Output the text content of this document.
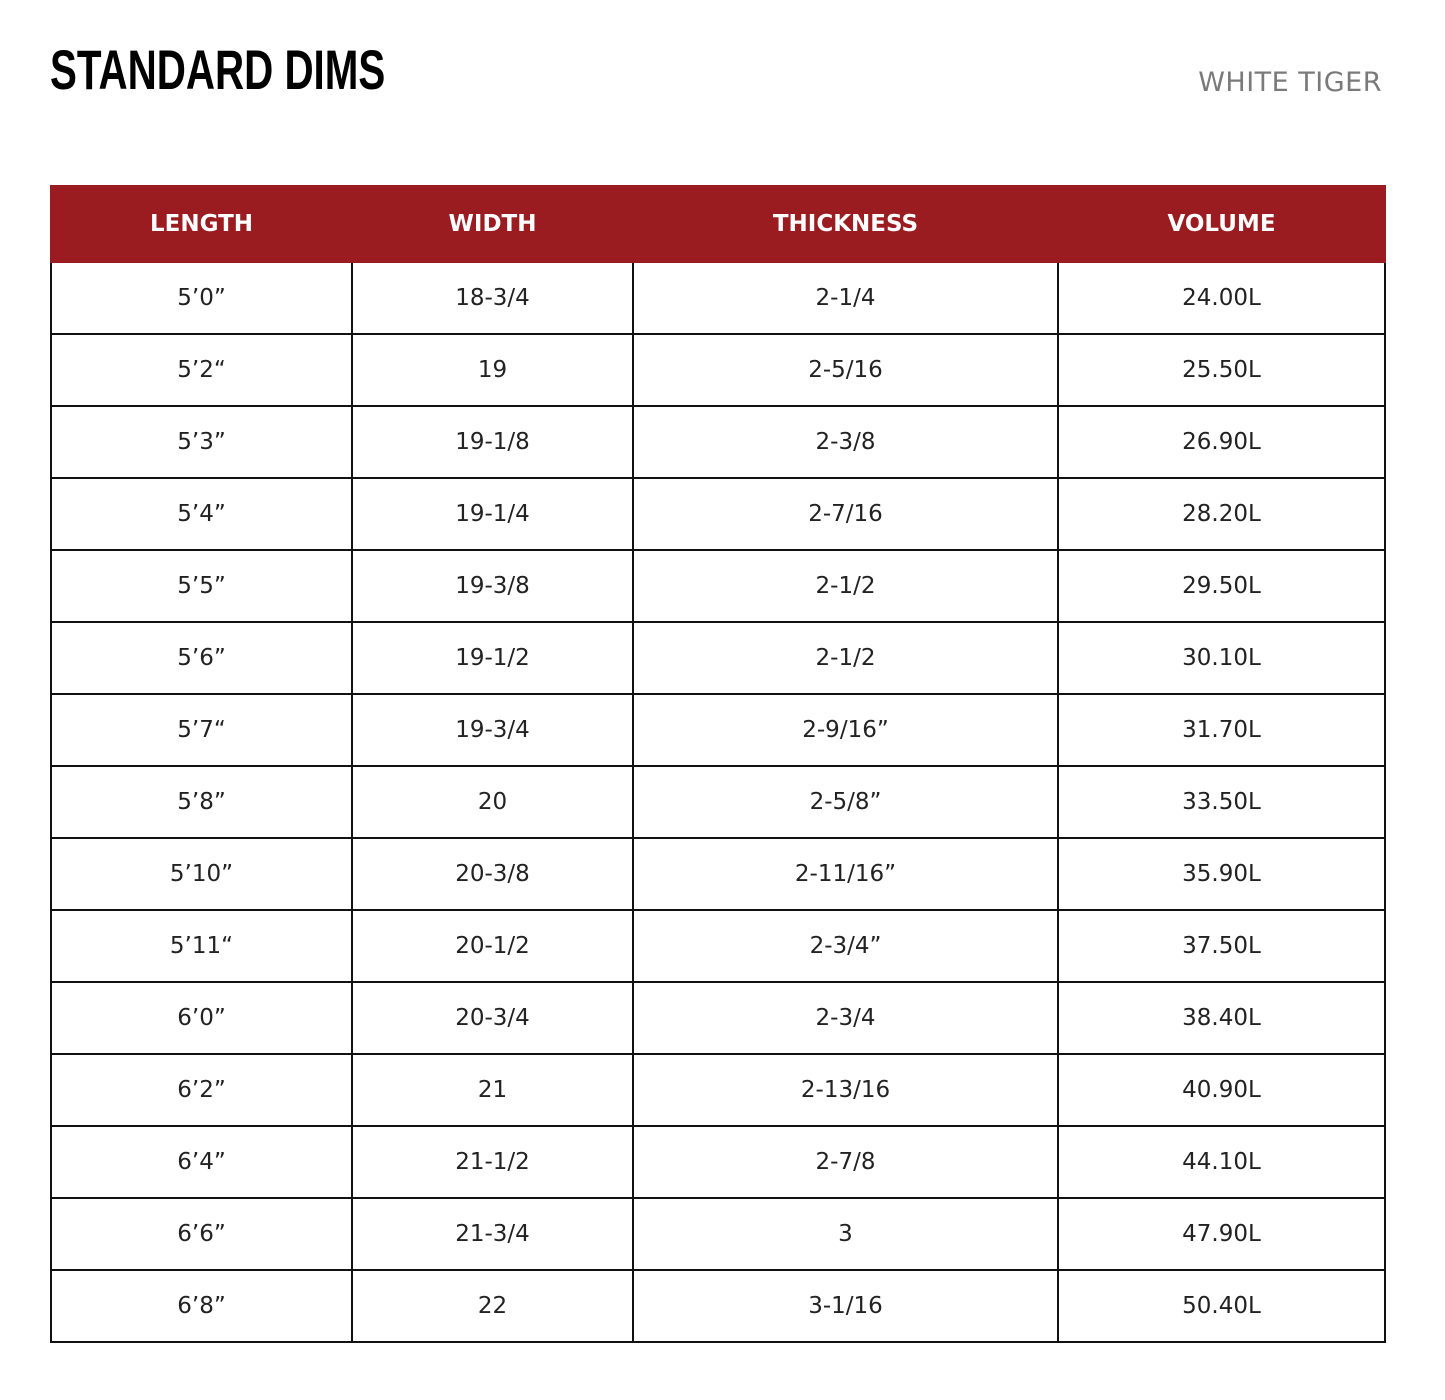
STANDARD DIMS	WHITE TIGER
LENGTH	WIDTH	THICKNESS	VOLUME
5’0”	18-3/4	2-1/4	24.00L
5’2“	19	2-5/16	25.50L
5’3”	19-1/8	2-3/8	26.90L
5’4”	19-1/4	2-7/16	28.20L
5’5”	19-3/8	2-1/2	29.50L
5’6”	19-1/2	2-1/2	30.10L
5’7“	19-3/4	2-9/16”	31.70L
5’8”	20	2-5/8”	33.50L
5’10”	20-3/8	2-11/16”	35.90L
5’11“	20-1/2	2-3/4”	37.50L
6’0”	20-3/4	2-3/4	38.40L
6’2”	21	2-13/16	40.90L
6’4”	21-1/2	2-7/8	44.10L
6’6”	21-3/4	3	47.90L
6’8”	22	3-1/16	50.40L
